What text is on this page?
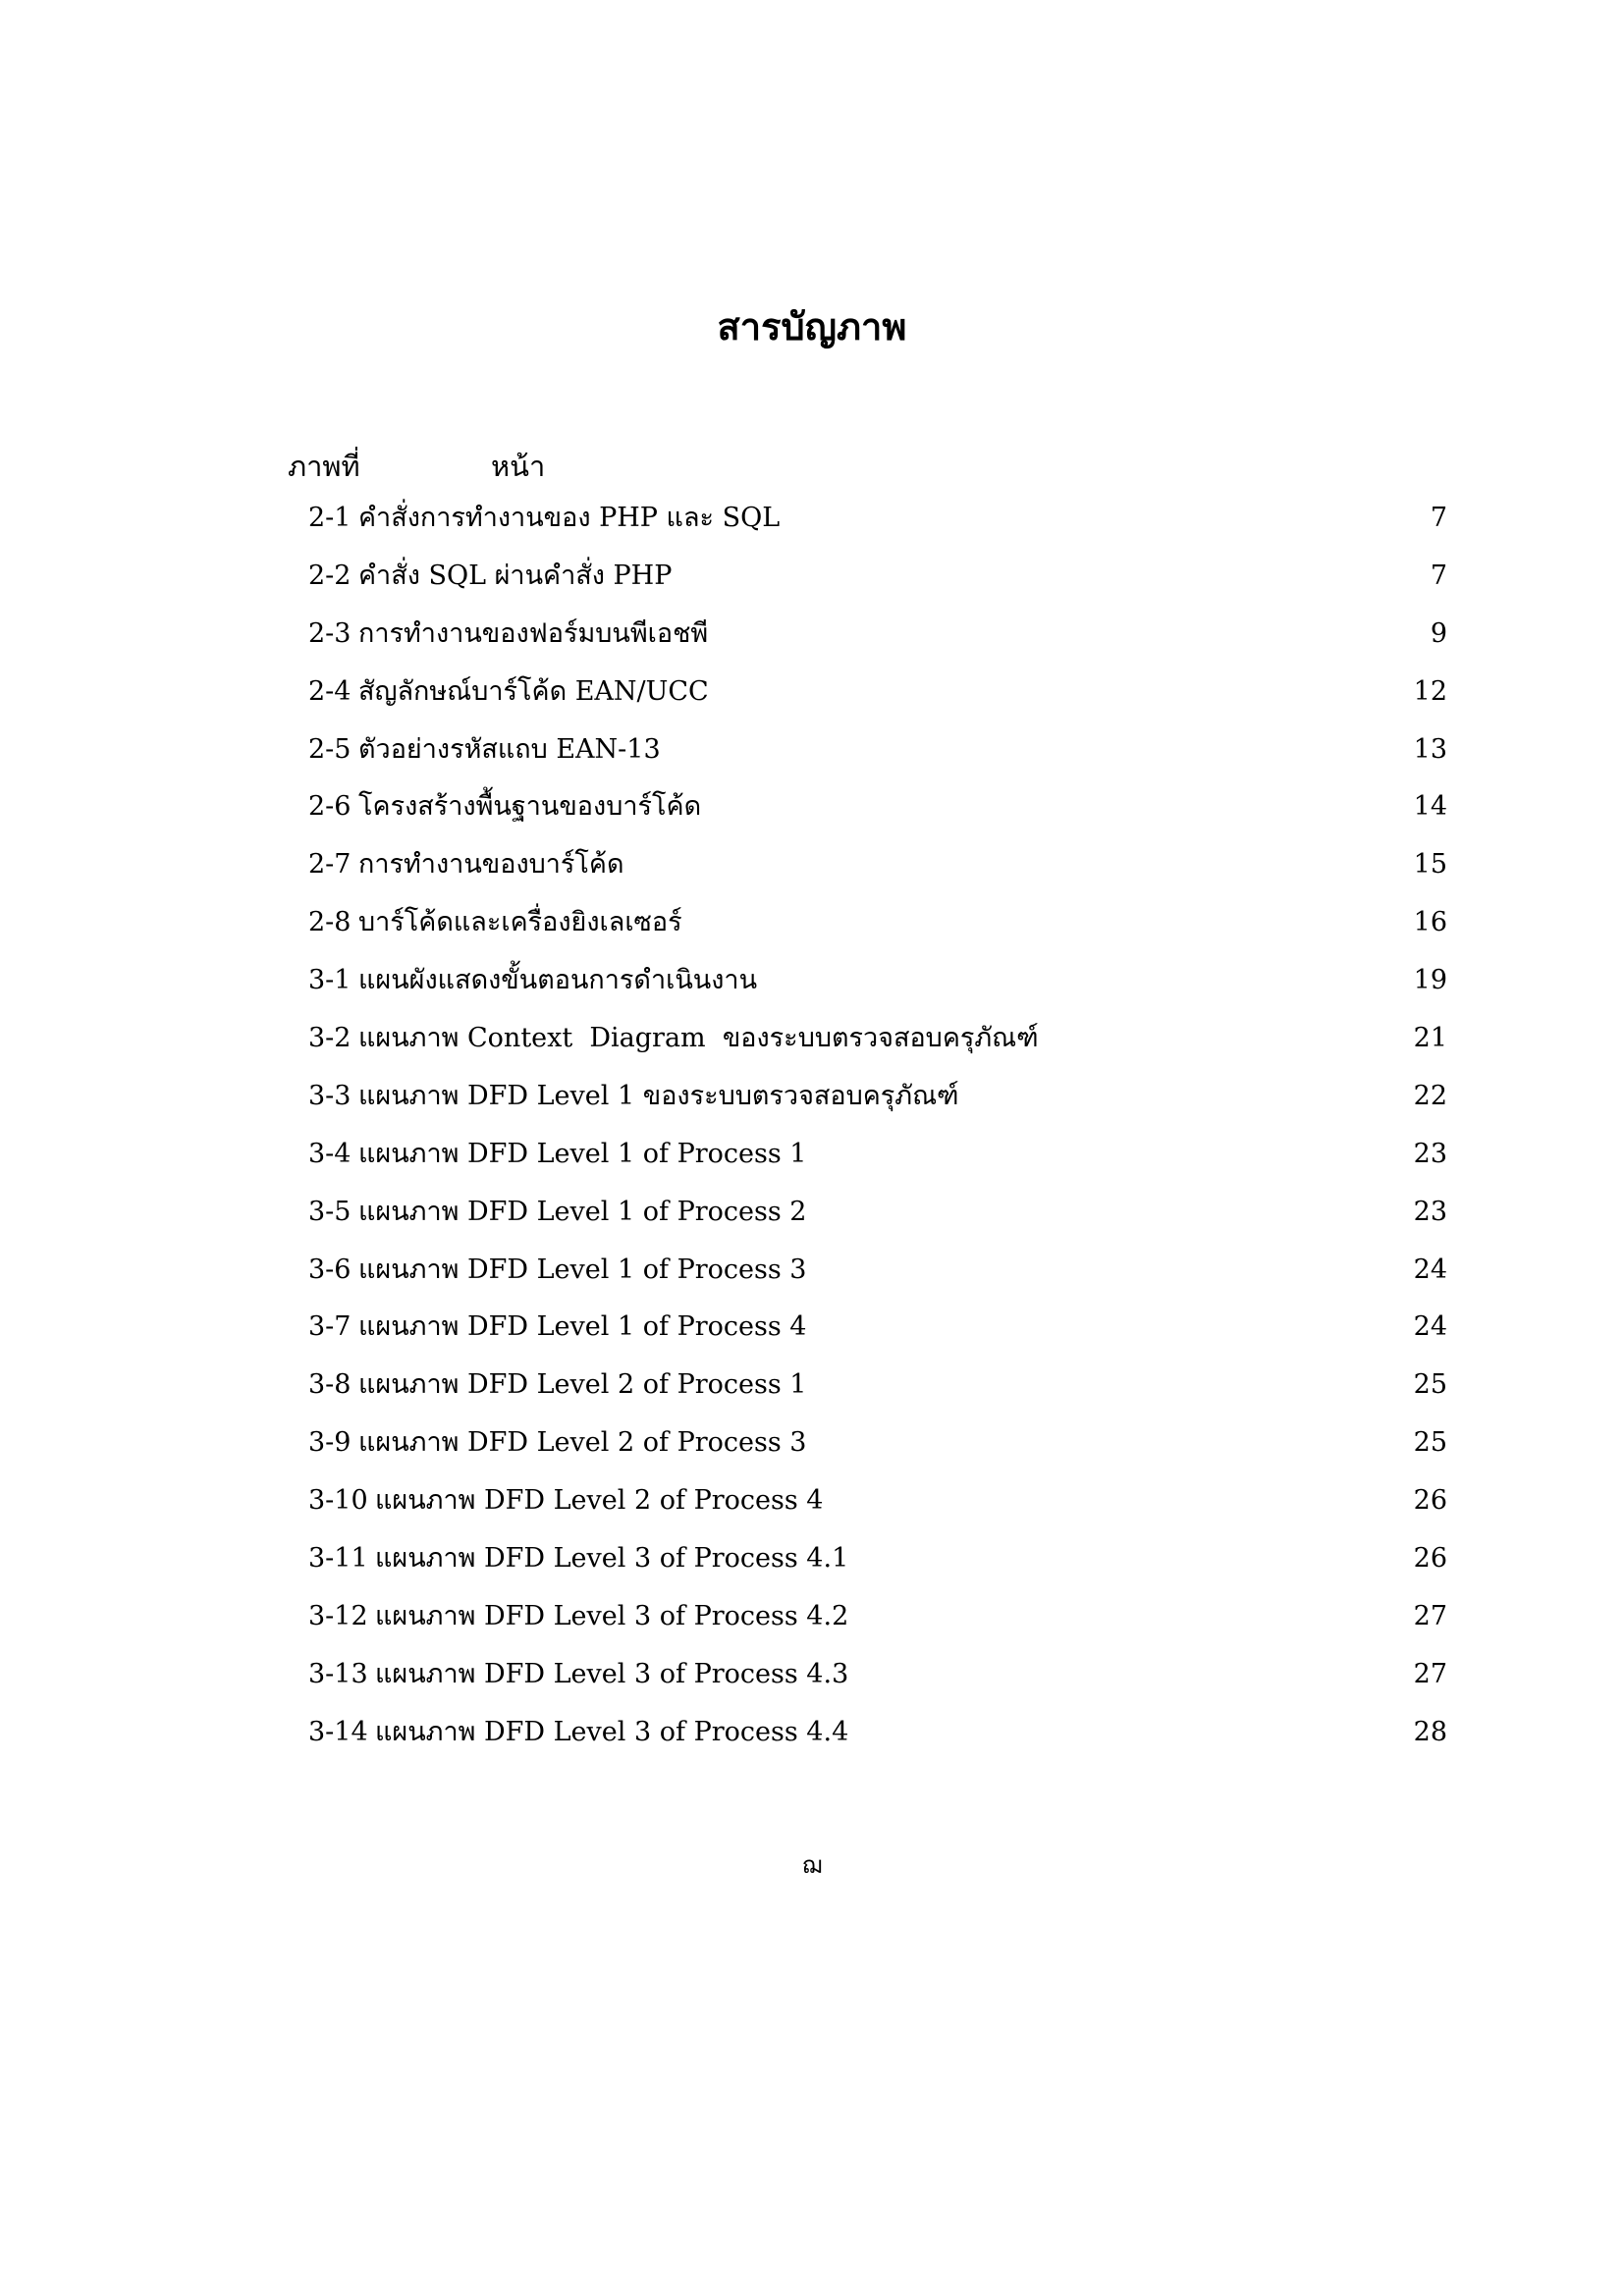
สารบัญภาพ
ภาพที่	หน้า
2-1 คำสั่งการทำงานของ PHP และ SQL	7
2-2 คำสั่ง SQL ผ่านคำสั่ง PHP	7
2-3 การทำงานของฟอร์มบนพีเอชพี	9
2-4 สัญลักษณ์บาร์โค้ด EAN/UCC	12
2-5 ตัวอย่างรหัสแถบ EAN-13	13
2-6 โครงสร้างพื้นฐานของบาร์โค้ด	14
2-7 การทำงานของบาร์โค้ด	15
2-8 บาร์โค้ดและเครื่องยิงเลเซอร์	16
3-1 แผนผังแสดงขั้นตอนการดำเนินงาน	19
3-2 แผนภาพ Context  Diagram  ของระบบตรวจสอบครุภัณฑ์	21
3-3 แผนภาพ DFD Level 1 ของระบบตรวจสอบครุภัณฑ์	22
3-4 แผนภาพ DFD Level 1 of Process 1	23
3-5 แผนภาพ DFD Level 1 of Process 2	23
3-6 แผนภาพ DFD Level 1 of Process 3	24
3-7 แผนภาพ DFD Level 1 of Process 4	24
3-8 แผนภาพ DFD Level 2 of Process 1	25
3-9 แผนภาพ DFD Level 2 of Process 3	25
3-10 แผนภาพ DFD Level 2 of Process 4	26
3-11 แผนภาพ DFD Level 3 of Process 4.1	26
3-12 แผนภาพ DFD Level 3 of Process 4.2	27
3-13 แผนภาพ DFD Level 3 of Process 4.3	27
3-14 แผนภาพ DFD Level 3 of Process 4.4	28
ฌ
